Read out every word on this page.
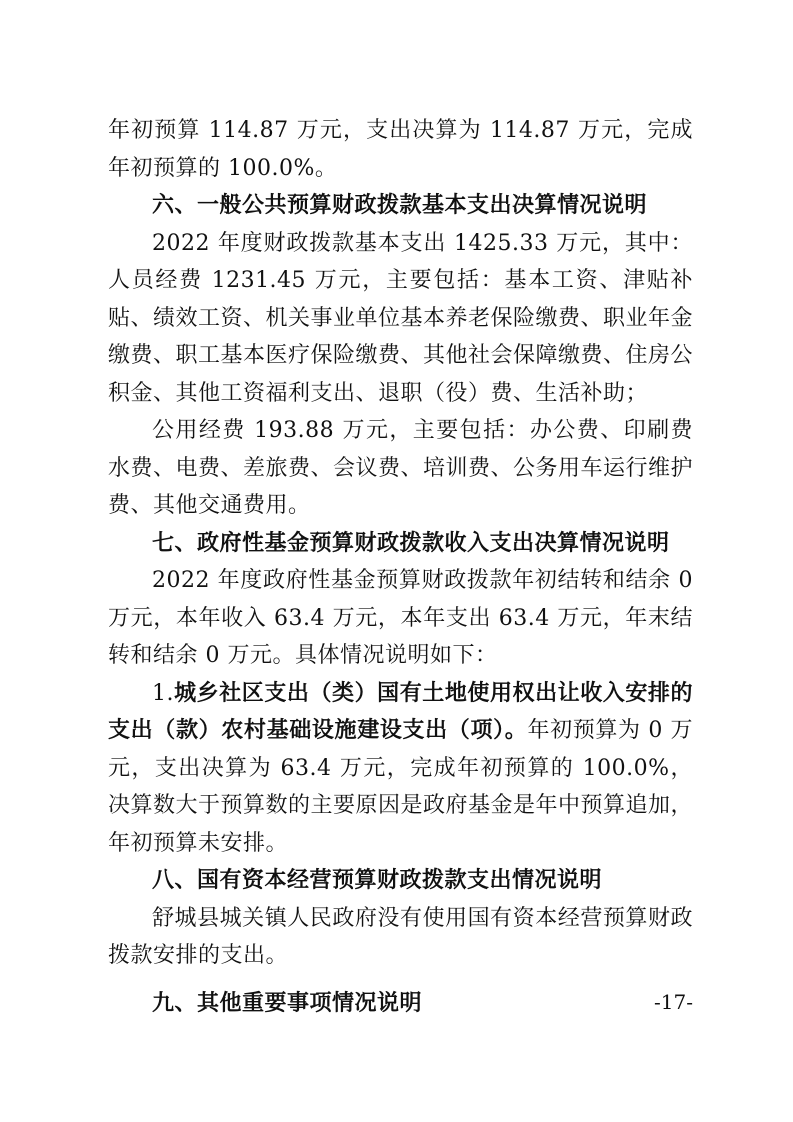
年初预算 114.87 万元，支出决算为 114.87 万元，完成年初预算的 100.0%。

六、一般公共预算财政拨款基本支出决算情况说明

2022 年度财政拨款基本支出 1425.33 万元，其中：人员经费 1231.45 万元，主要包括：基本工资、津贴补贴、绩效工资、机关事业单位基本养老保险缴费、职业年金缴费、职工基本医疗保险缴费、其他社会保障缴费、住房公积金、其他工资福利支出、退职（役）费、生活补助；

公用经费 193.88 万元，主要包括：办公费、印刷费水费、电费、差旅费、会议费、培训费、公务用车运行维护费、其他交通费用。

七、政府性基金预算财政拨款收入支出决算情况说明

2022 年度政府性基金预算财政拨款年初结转和结余 0 万元，本年收入 63.4 万元，本年支出 63.4 万元，年末结转和结余 0 万元。具体情况说明如下：

1.城乡社区支出（类）国有土地使用权出让收入安排的支出（款）农村基础设施建设支出（项）。年初预算为 0 万元，支出决算为 63.4 万元，完成年初预算的 100.0%，决算数大于预算数的主要原因是政府基金是年中预算追加，年初预算未安排。

八、国有资本经营预算财政拨款支出情况说明

舒城县城关镇人民政府没有使用国有资本经营预算财政拨款安排的支出。

九、其他重要事项情况说明	-17-
